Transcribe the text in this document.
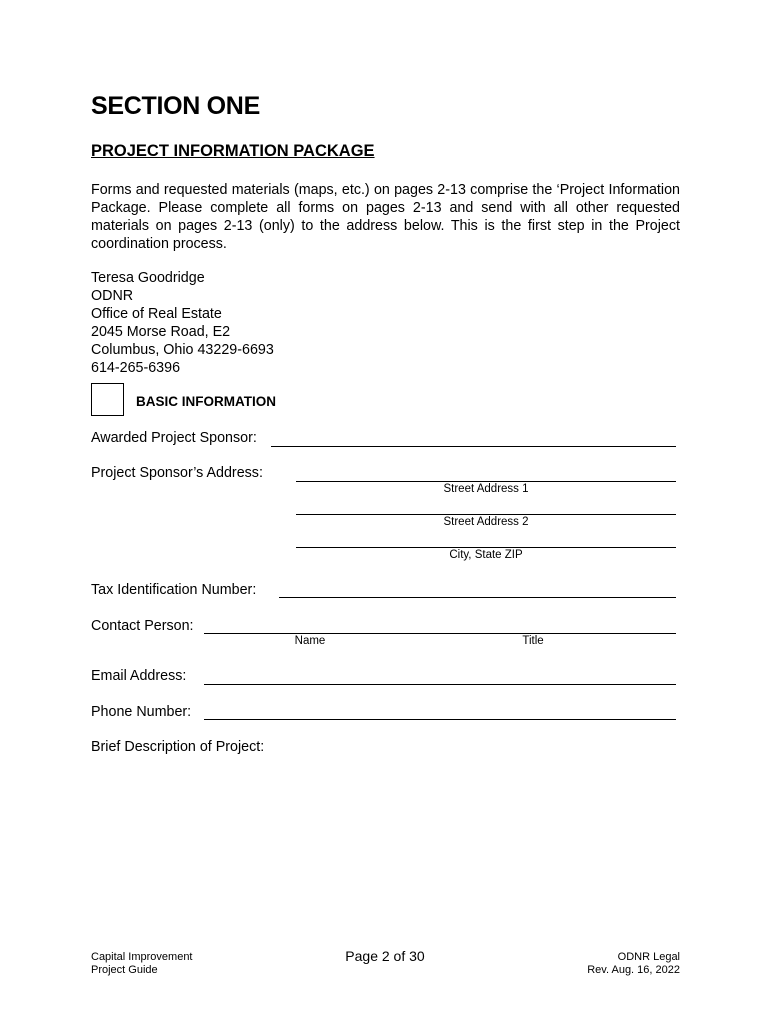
SECTION ONE
PROJECT INFORMATION PACKAGE
Forms and requested materials (maps, etc.) on pages 2-13 comprise the ‘Project Information Package. Please complete all forms on pages 2-13 and send with all other requested materials on pages 2-13 (only) to the address below. This is the first step in the Project coordination process.
Teresa Goodridge
ODNR
Office of Real Estate
2045 Morse Road, E2
Columbus, Ohio 43229-6693
614-265-6396
BASIC INFORMATION
Awarded Project Sponsor:
Project Sponsor’s Address:
Street Address 1
Street Address 2
City, State ZIP
Tax Identification Number:
Contact Person:
Name	Title
Email Address:
Phone Number:
Brief Description of Project:
Capital Improvement
Project Guide
Page 2 of 30	ODNR Legal
Rev. Aug. 16, 2022
